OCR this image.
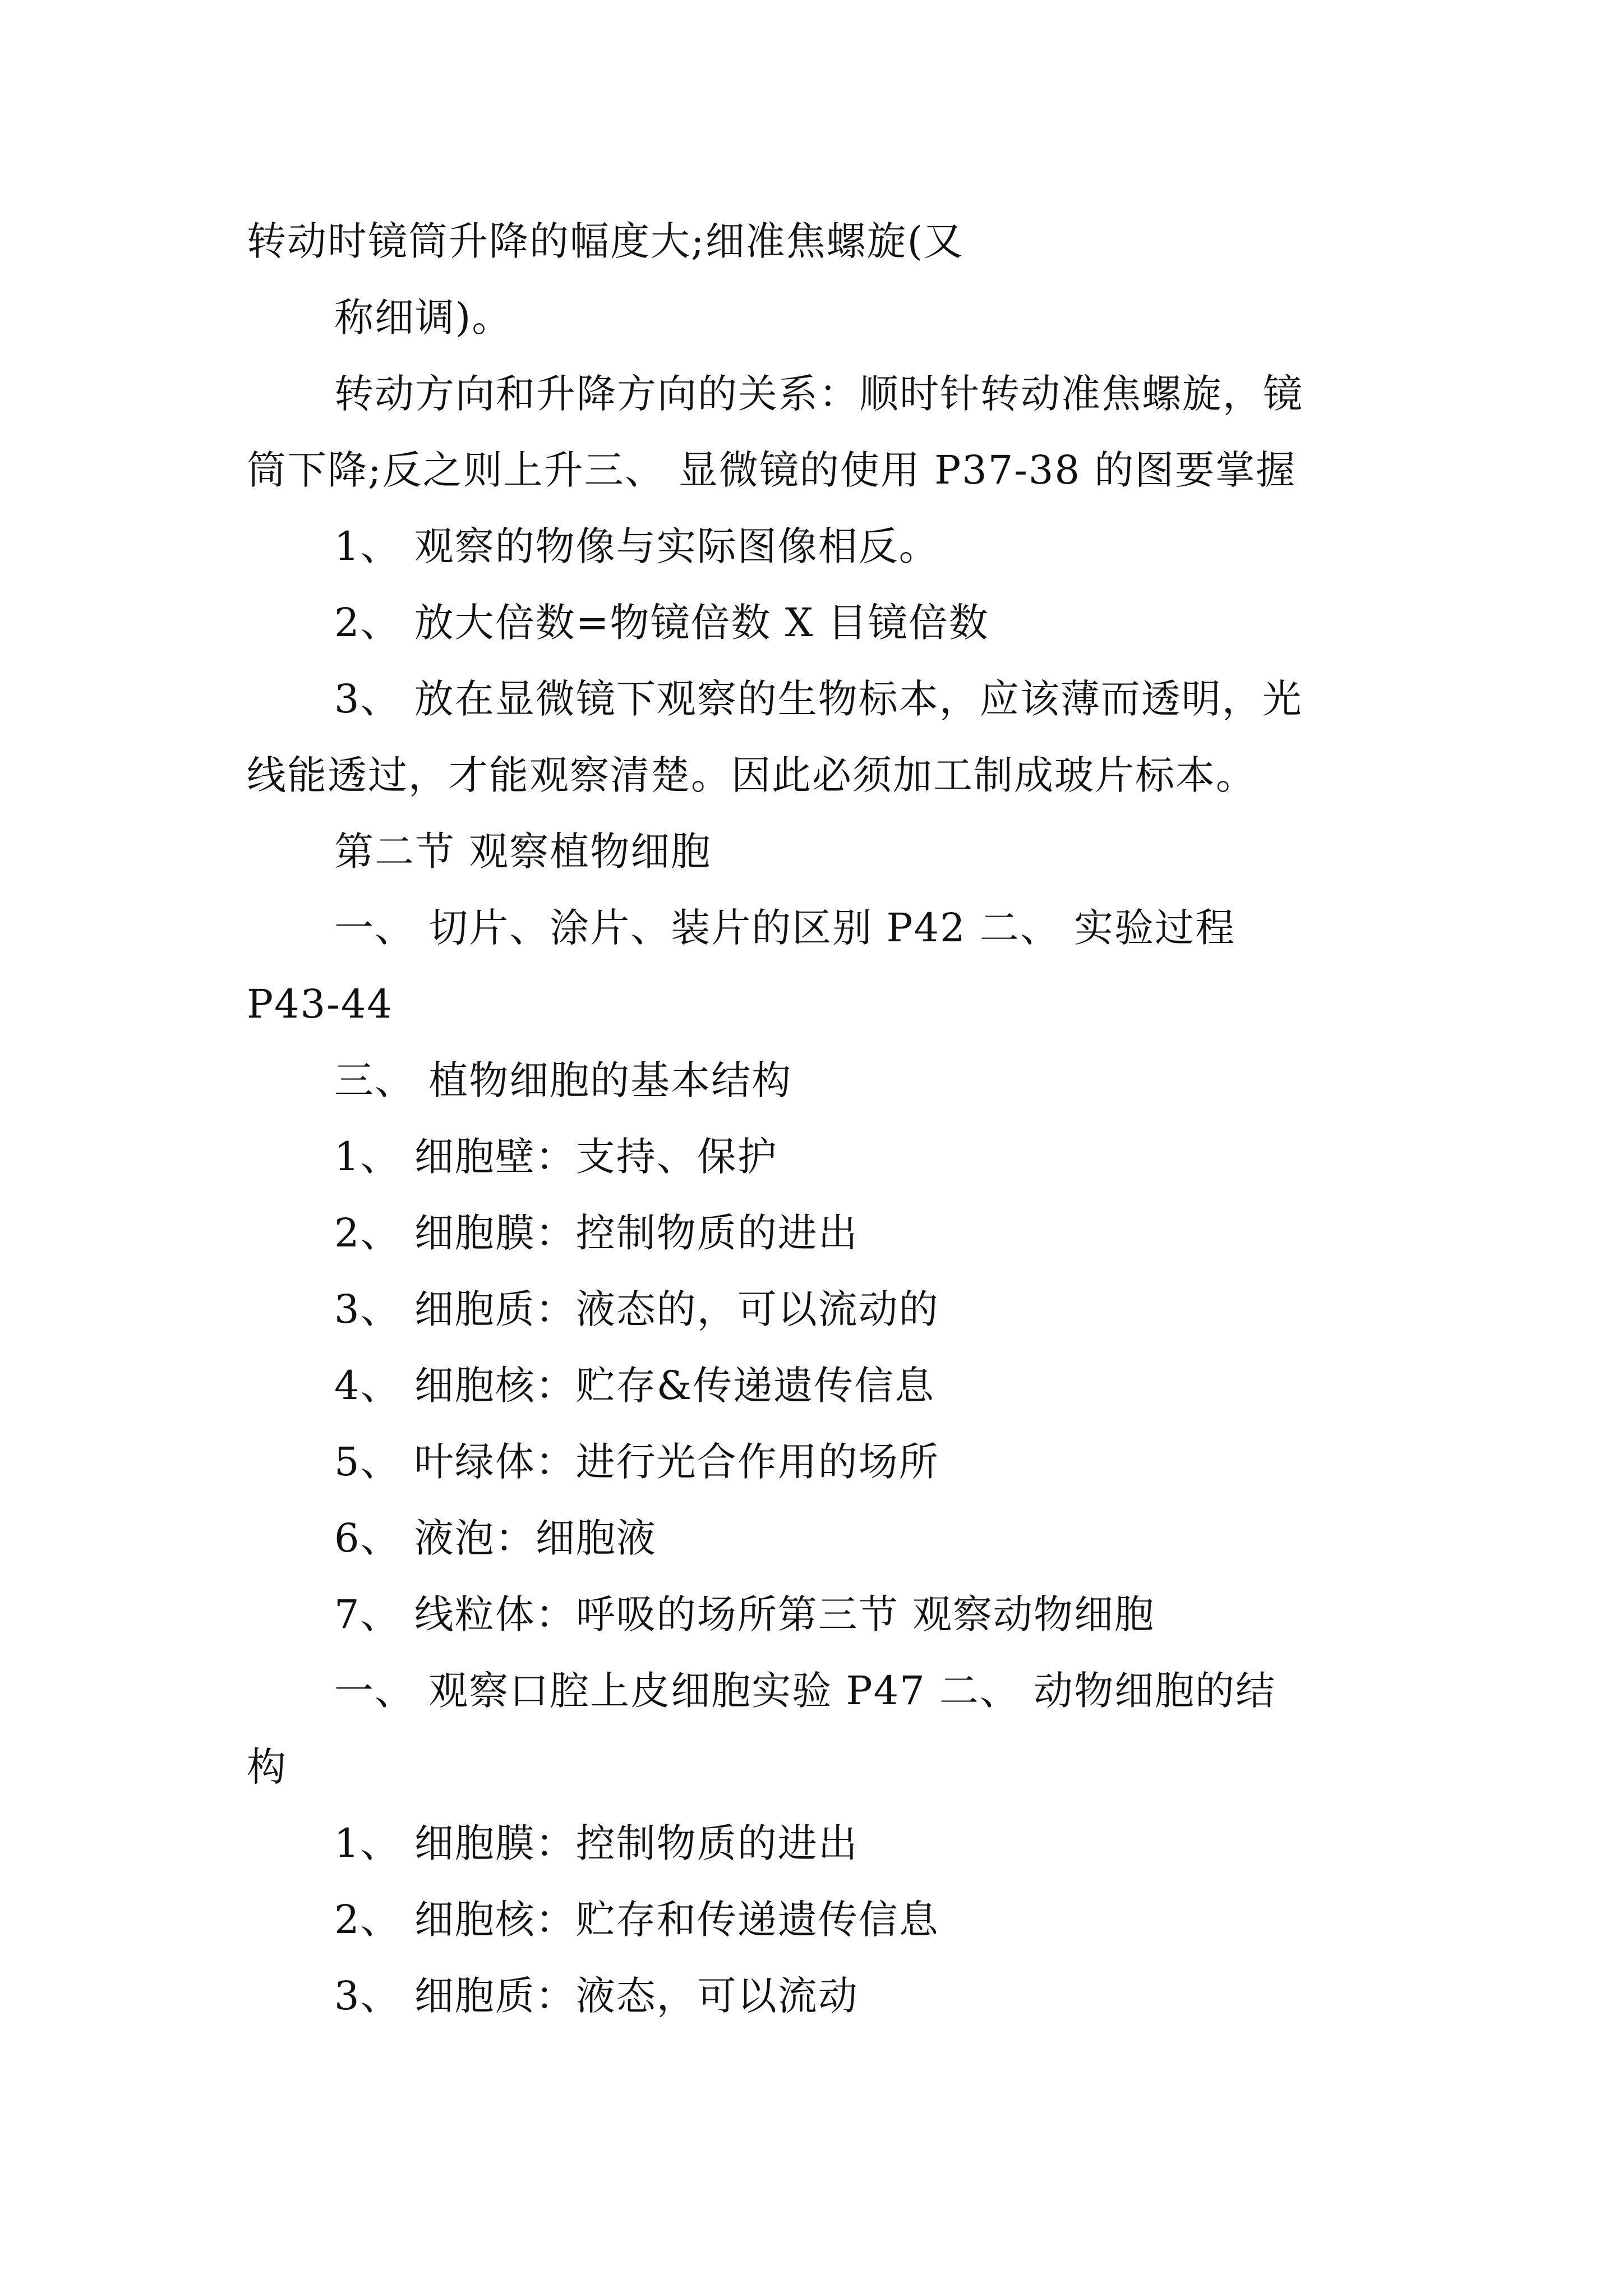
转动时镜筒升降的幅度大;细准焦螺旋(又
称细调)。
转动方向和升降方向的关系：顺时针转动准焦螺旋，镜
筒下降;反之则上升三、 显微镜的使用 P37-38 的图要掌握
1、 观察的物像与实际图像相反。
2、 放大倍数=物镜倍数 X 目镜倍数
3、 放在显微镜下观察的生物标本，应该薄而透明，光
线能透过，才能观察清楚。因此必须加工制成玻片标本。
第二节 观察植物细胞
一、 切片、涂片、装片的区别 P42 二、 实验过程
P43-44
三、 植物细胞的基本结构
1、 细胞壁：支持、保护
2、 细胞膜：控制物质的进出
3、 细胞质：液态的，可以流动的
4、 细胞核：贮存&传递遗传信息
5、 叶绿体：进行光合作用的场所
6、 液泡：细胞液
7、 线粒体：呼吸的场所第三节 观察动物细胞
一、 观察口腔上皮细胞实验 P47 二、 动物细胞的结
构
1、 细胞膜：控制物质的进出
2、 细胞核：贮存和传递遗传信息
3、 细胞质：液态，可以流动
